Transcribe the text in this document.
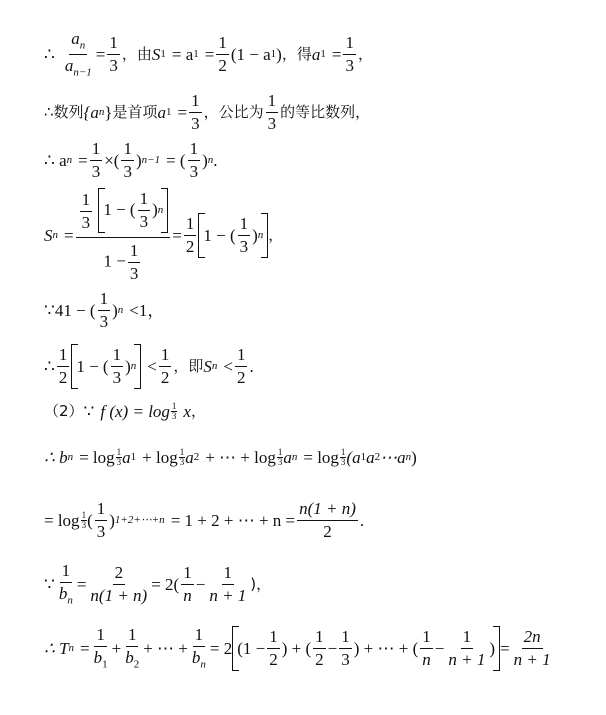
∴ $\frac{a_n}{a_{n-1}} = \frac{1}{3}$ ，由 S 1 = a $1 = \frac{1}{2} (1 - a$ 1 ) ，得 a $1 = \frac{1}{3}$ ，
∴数列 {a n } 是首项 a $1 = \frac{1}{3}$ ，公比为 $\frac{1}{3}$ 的等比数列，
∴ a $n = \frac{1}{3}$ ×( $\frac{1}{3}$ ) n−1 = ( $\frac{1}{3}$ ) n .
S $n = \frac{1}{3}$
1 − ( $\frac{1}{3}$ ) n
$1 - \frac{1}{3} = \frac{1}{2} 1$ − ( $\frac{1}{3}$ ) n ，
∵ 41 − ( $\frac{1}{3}$ ) n <1，
∴ $\frac{1}{2} 1$ − ( $\frac{1}{3}$ ) $n < \frac{1}{2}$ ，即 S $n < \frac{1}{2}$ .
（2） ∵ f (x) = log 1
3 x ，
∴ b n = log 1
3 a 1 + log 1
3 a 2 + ⋯ + log 1
3 a n = log 1
3 (a 1 a 2 ⋯a n )
= log 1
3 ( $\frac{1}{3}$ ) 1+2+⋯+n = 1 + 2 + ⋯ + $n = \frac{n(1 + n)}{2}$ .
∵ $\frac{1}{b_n} = \frac{2}{n(1 + n)} = 2( \frac{1}{n} - \frac{1}{n + 1}$ )，
∴ T $n = \frac{1}{b_1} + \frac{1}{b_2}$ + ⋯ + $\frac{1}{b_n} = 2$ ($1 - \frac{1}{2}$ ) + ( $\frac{1}{2} - \frac{1}{3}$ ) + ⋯ + ( $\frac{1}{n} - \frac{1}{n + 1}$ ) = $\frac{2n}{n + 1}$
